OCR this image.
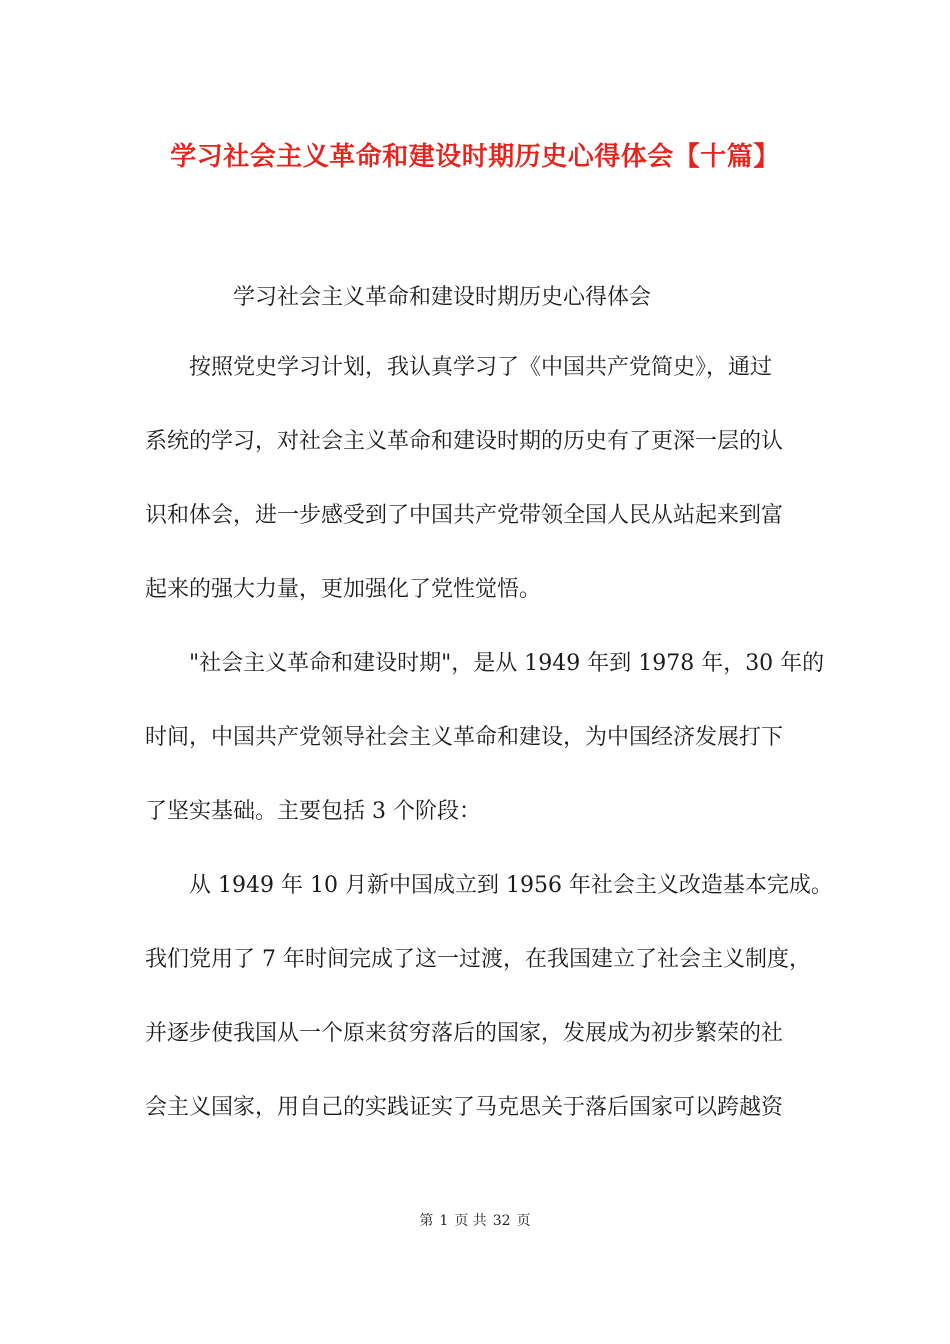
学习社会主义革命和建设时期历史心得体会【十篇】
学习社会主义革命和建设时期历史心得体会
按照党史学习计划，我认真学习了《中国共产党简史》，通过
系统的学习，对社会主义革命和建设时期的历史有了更深一层的认
识和体会，进一步感受到了中国共产党带领全国人民从站起来到富
起来的强大力量，更加强化了党性觉悟。
"社会主义革命和建设时期"，是从 1949 年到 1978 年，30 年的
时间，中国共产党领导社会主义革命和建设，为中国经济发展打下
了坚实基础。主要包括 3 个阶段：
从 1949 年 10 月新中国成立到 1956 年社会主义改造基本完成。
我们党用了 7 年时间完成了这一过渡，在我国建立了社会主义制度，
并逐步使我国从一个原来贫穷落后的国家，发展成为初步繁荣的社
会主义国家，用自己的实践证实了马克思关于落后国家可以跨越资
第 1 页 共 32 页
